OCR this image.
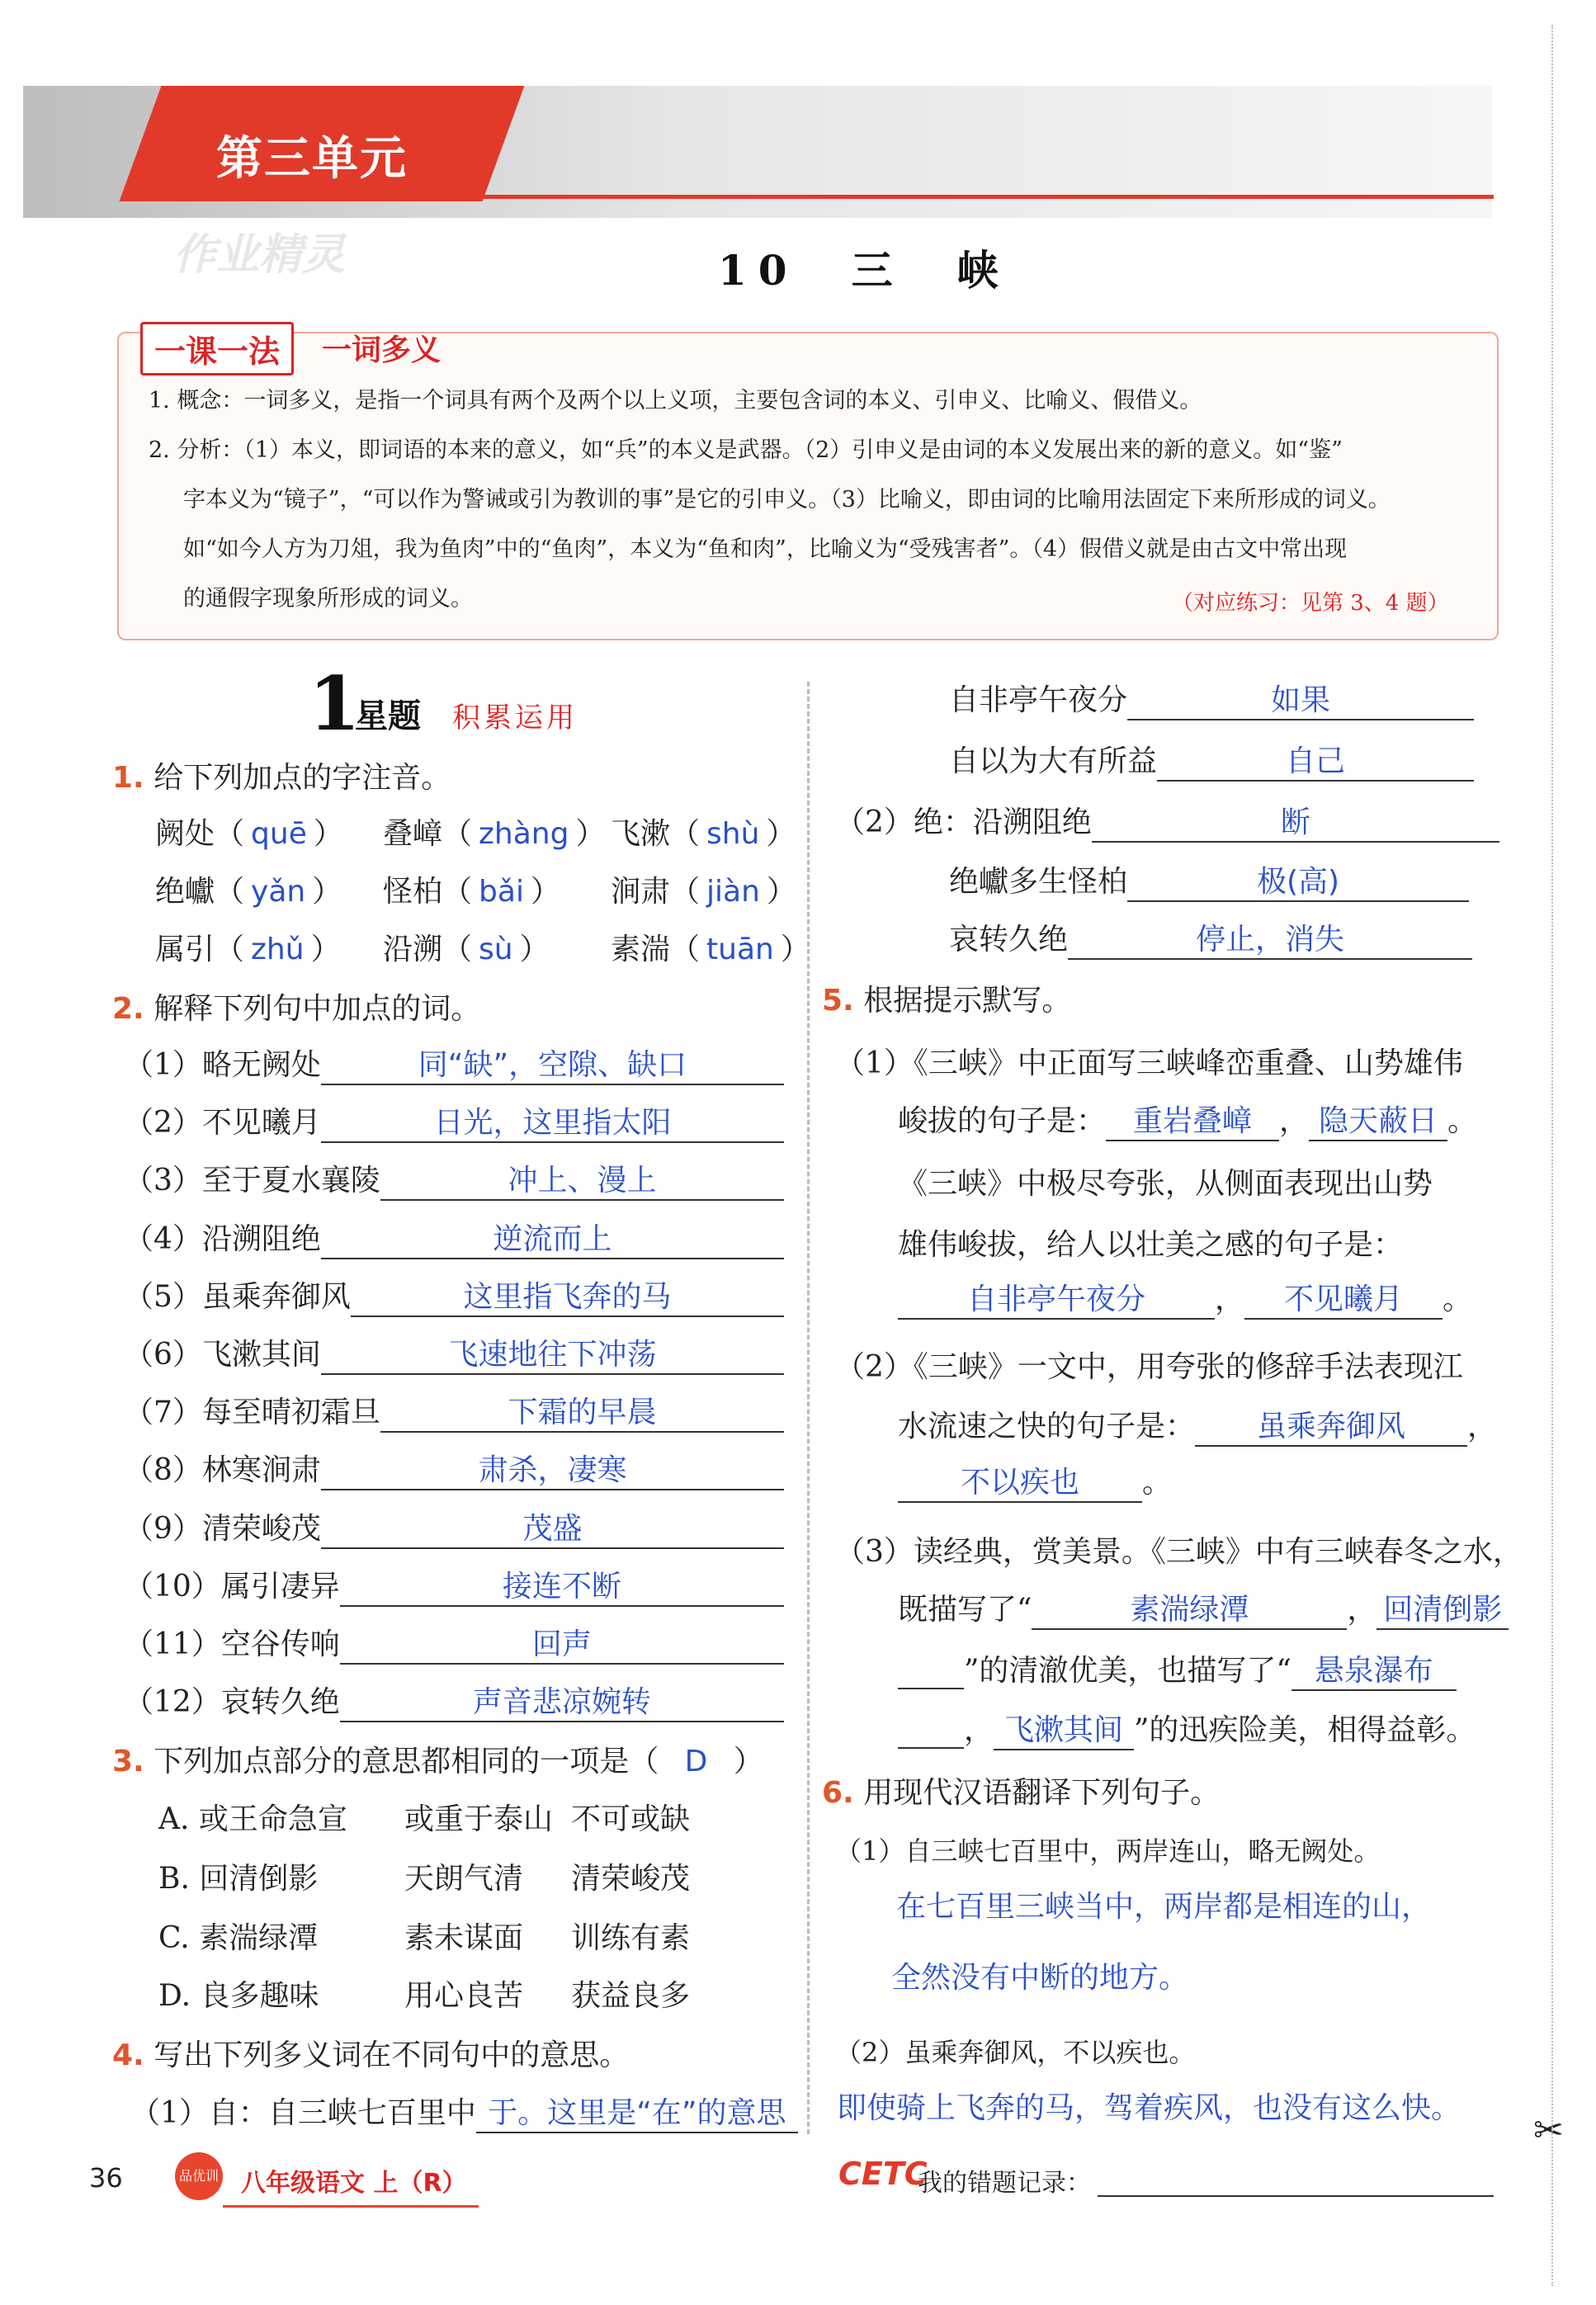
第三单元
作业精灵	10　三　峡
一课一法	一词多义
1. 概念：一词多义，是指一个词具有两个及两个以上义项，主要包含词的本义、引申义、比喻义、假借义。
2. 分析：（1）本义，即词语的本来的意义，如“兵”的本义是武器。（2）引申义是由词的本义发展出来的新的意义。如“鉴”
字本义为“镜子”，“可以作为警诫或引为教训的事”是它的引申义。（3）比喻义，即由词的比喻用法固定下来所形成的词义。
如“如今人方为刀俎，我为鱼肉”中的“鱼肉”，本义为“鱼和肉”，比喻义为“受残害者”。（4）假借义就是由古文中常出现
的通假字现象所形成的词义。	（对应练习：见第 3、4 题）
1
星题 积累运用
1. 给下列加点的字注音。
阙处（ quē ） 叠嶂（ zhàng ） 飞漱（ shù ）
绝巘（ yǎn ） 怪柏（ bǎi ） 涧肃（ jiàn ）
属引（ zhǔ ） 沿溯（ sù ） 素湍（ tuān ）
2. 解释下列句中加点的词。
（1）略无阙处	同“缺”，空隙、缺口
（2）不见曦月	日光，这里指太阳
（3）至于夏水襄陵	冲上、漫上
（4）沿溯阻绝	逆流而上
（5）虽乘奔御风	这里指飞奔的马
（6）飞漱其间	飞速地往下冲荡
（7）每至晴初霜旦	下霜的早晨
（8）林寒涧肃	肃杀，凄寒
（9）清荣峻茂	茂盛
（10）属引凄异	接连不断
（11）空谷传响	回声
（12）哀转久绝	声音悲凉婉转
3. 下列加点部分的意思都相同的一项是（ D ）
A. 或王命急宣 或重于泰山 不可或缺
B. 回清倒影	天朗气清 清荣峻茂
C. 素湍绿潭	素未谋面 训练有素
D. 良多趣味	用心良苦 获益良多
4. 写出下列多义词在不同句中的意思。
（1）自：自三峡七百里中 于。这里是“在”的意思
自非亭午夜分	如果
自以为大有所益	自己
（2）绝：沿溯阻绝	断
绝巘多生怪柏	极(高)
哀转久绝	停止，消失
5. 根据提示默写。
（1）《三峡》中正面写三峡峰峦重叠、山势雄伟
峻拔的句子是： 重岩叠嶂 ， 隐天蔽日 。
《三峡》中极尽夸张，从侧面表现出山势
雄伟峻拔，给人以壮美之感的句子是：
自非亭午夜分 ， 不见曦月 。
（2）《三峡》一文中，用夸张的修辞手法表现江
水流速之快的句子是： 虽乘奔御风 ，
不以疾也 。
（3）读经典，赏美景。《三峡》中有三峡春冬之水，
既描写了“	素湍绿潭	， 回清倒影
”的清澈优美，也描写了“ 悬泉瀑布
， 飞漱其间 ”的迅疾险美，相得益彰。
6. 用现代汉语翻译下列句子。
（1）自三峡七百里中，两岸连山，略无阙处。
在七百里三峡当中，两岸都是相连的山，
全然没有中断的地方。
（2）虽乘奔御风，不以疾也。
即使骑上飞奔的马，驾着疾风，也没有这么快。
36	品优训练
八年级语文 上（R）	CETC
我的错题记录：
✂
